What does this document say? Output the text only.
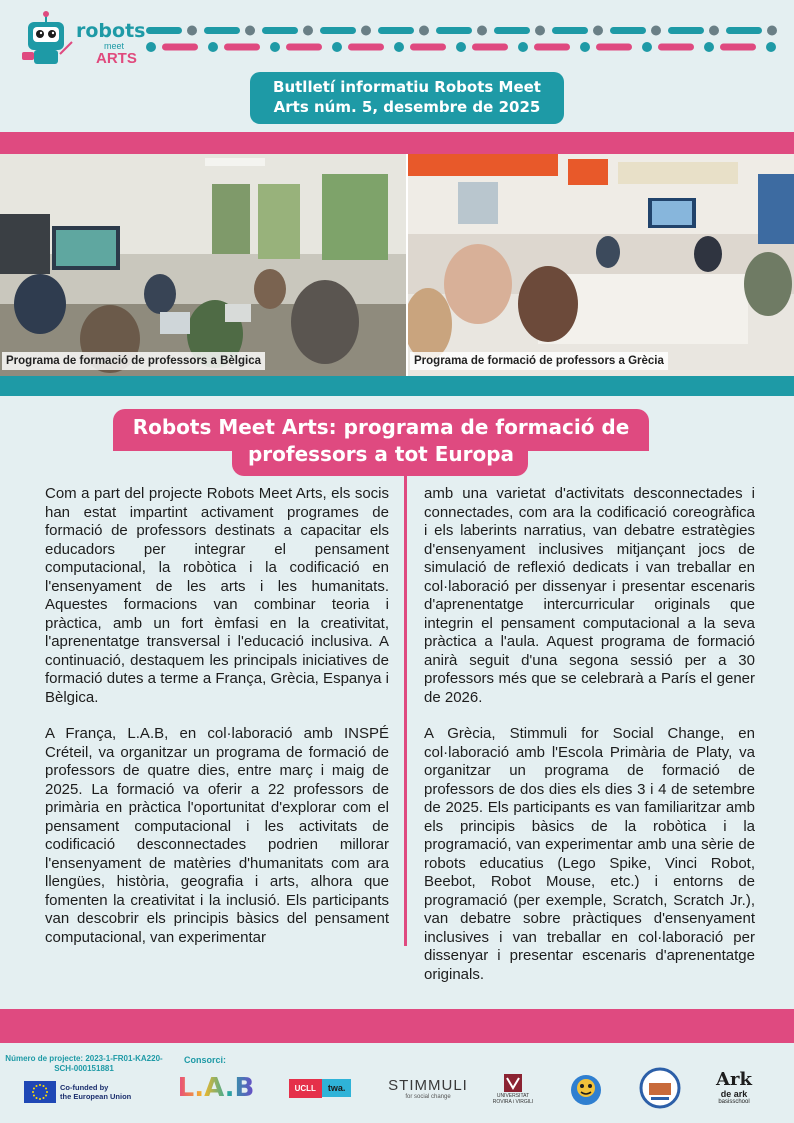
robots
meet
ARTS
Butlletí informatiu Robots Meet
Arts núm. 5, desembre de 2025
Programa de formació de professors a Bèlgica	Programa de formació de professors a Grècia
Robots Meet Arts: programa de formació de
professors a tot Europa

Com a part del projecte Robots Meet Arts, els socis han estat impartint activament programes de formació de professors destinats a capacitar els educadors per integrar el pensament computacional, la robòtica i la codificació en l'ensenyament de les arts i les humanitats. Aquestes formacions van combinar teoria i pràctica, amb un fort èmfasi en la creativitat, l'aprenentatge transversal i l'educació inclusiva. A continuació, destaquem les principals iniciatives de formació dutes a terme a França, Grècia, Espanya i Bèlgica.

A França, L.A.B, en col·laboració amb INSPÉ Créteil, va organitzar un programa de formació de professors de quatre dies, entre març i maig de 2025. La formació va oferir a 22 professors de primària en pràctica l'oportunitat d'explorar com el pensament computacional i les activitats de codificació desconnectades podrien millorar l'ensenyament de matèries d'humanitats com ara llengües, història, geografia i arts, alhora que fomenten la creativitat i la inclusió. Els participants van descobrir els principis bàsics del pensament computacional, van experimentar

amb una varietat d'activitats desconnectades i connectades, com ara la codificació coreogràfica i els laberints narratius, van debatre estratègies d'ensenyament inclusives mitjançant jocs de simulació de reflexió dedicats i van treballar en col·laboració per dissenyar i presentar escenaris d'aprenentatge intercurricular originals que integrin el pensament computacional a la seva pràctica a l'aula. Aquest programa de formació anirà seguit d'una segona sessió per a 30 professors més que se celebrarà a París el gener de 2026.

A Grècia, Stimmuli for Social Change, en col·laboració amb l'Escola Primària de Platy, va organitzar un programa de formació de professors de dos dies els dies 3 i 4 de setembre de 2025. Els participants es van familiaritzar amb els principis bàsics de la robòtica i la programació, van experimentar amb una sèrie de robots educatius (Lego Spike, Vinci Robot, Beebot, Robot Mouse, etc.) i entorns de programació (per exemple, Scratch, Scratch Jr.), van debatre sobre pràctiques d'ensenyament inclusives i van treballar en col·laboració per dissenyar i presentar escenaris d'aprenentatge originals.

Número de projecte: 2023-1-FR01-KA220-SCH-000151881
Co-funded by
the European Union
Consorci:
L.A.B	UCLL	twa.	STIMMULI
for social change	UNIVERSITAT
ROVIRA i VIRGILI
Ark
de ark
basisschool
